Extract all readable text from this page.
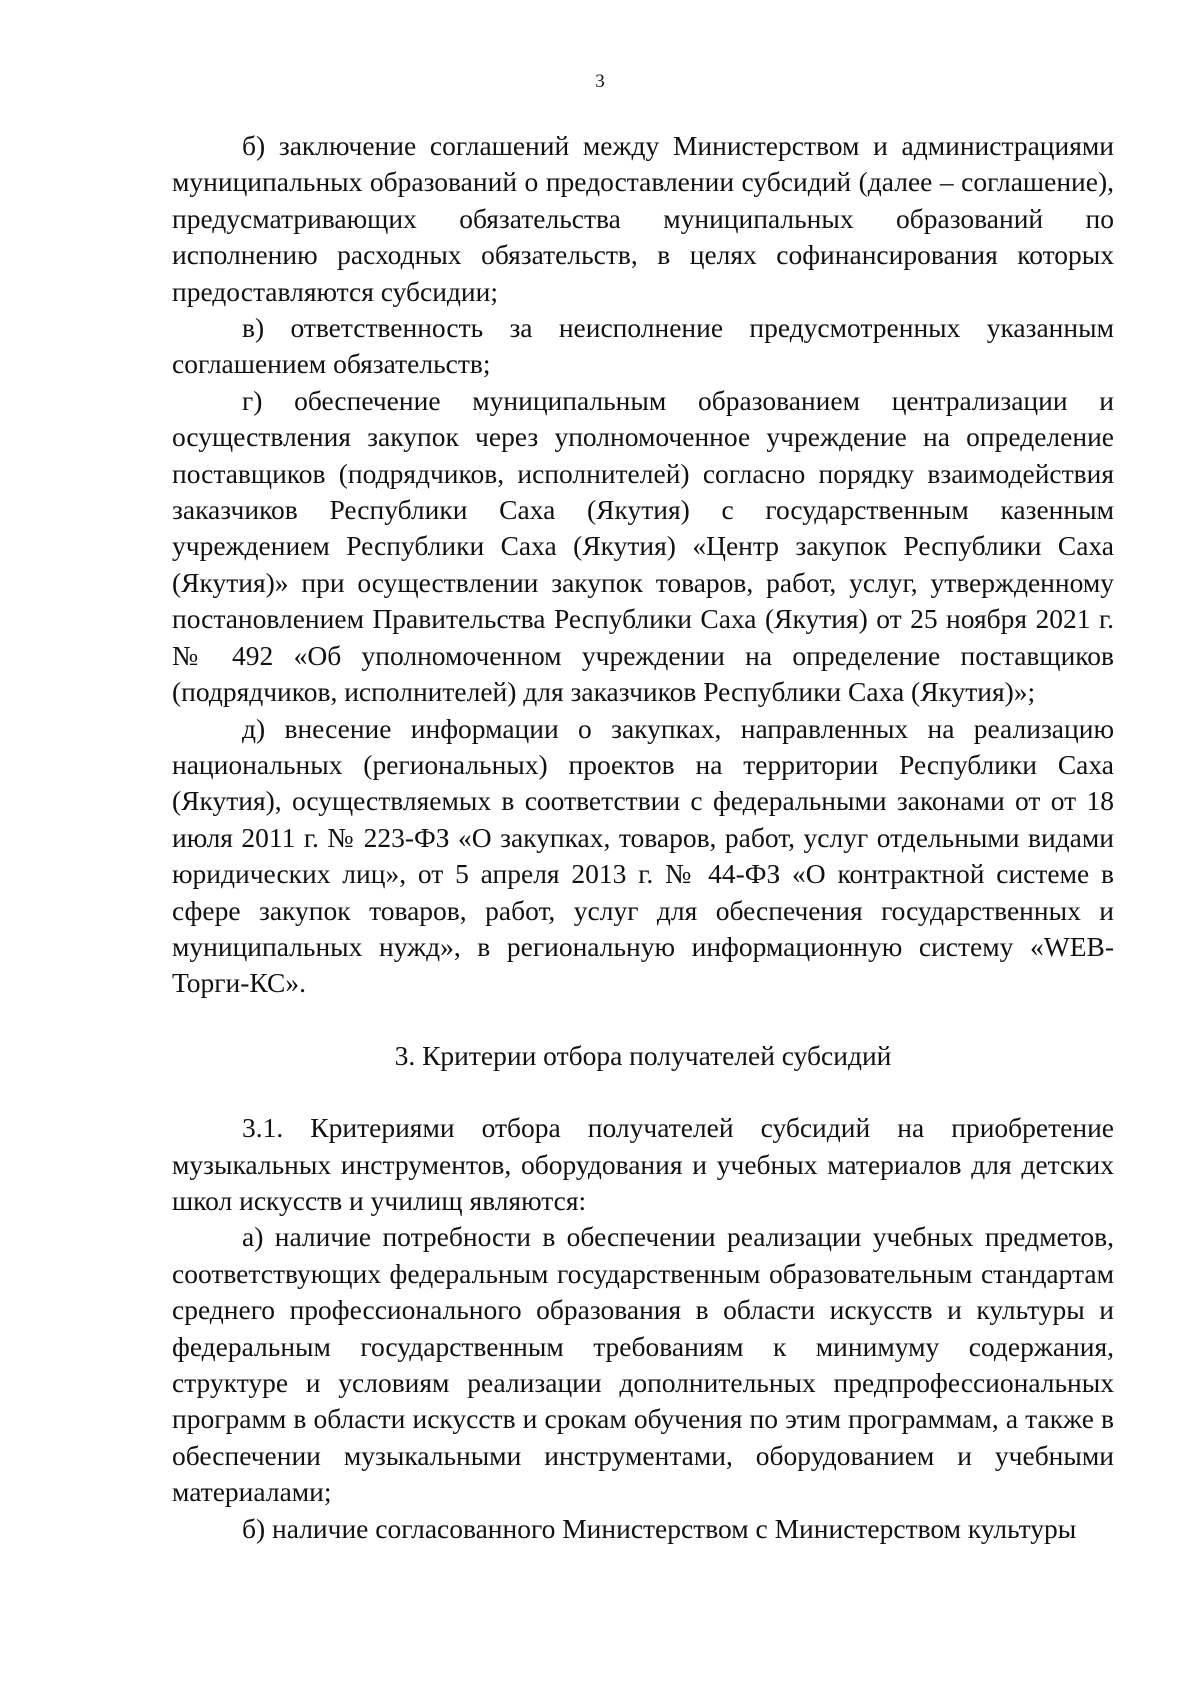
3

б) заключение соглашений между Министерством и администрациями муниципальных образований о предоставлении субсидий (далее – соглашение), предусматривающих обязательства муниципальных образований по исполнению расходных обязательств, в целях софинансирования которых предоставляются субсидии;

в) ответственность за неисполнение предусмотренных указанным соглашением обязательств;

г) обеспечение муниципальным образованием централизации и осуществления закупок через уполномоченное учреждение на определение поставщиков (подрядчиков, исполнителей) согласно порядку взаимодействия заказчиков Республики Саха (Якутия) с государственным казенным учреждением Республики Саха (Якутия) «Центр закупок Республики Саха (Якутия)» при осуществлении закупок товаров, работ, услуг, утвержденному постановлением Правительства Республики Саха (Якутия) от 25 ноября 2021 г. № 492 «Об уполномоченном учреждении на определение поставщиков (подрядчиков, исполнителей) для заказчиков Республики Саха (Якутия)»;

д) внесение информации о закупках, направленных на реализацию национальных (региональных) проектов на территории Республики Саха (Якутия), осуществляемых в соответствии с федеральными законами от от 18 июля 2011 г. № 223-ФЗ «О закупках, товаров, работ, услуг отдельными видами юридических лиц», от 5 апреля 2013 г. № 44-ФЗ «О контрактной системе в сфере закупок товаров, работ, услуг для обеспечения государственных и муниципальных нужд», в региональную информационную систему «WEB-Торги-КС».

3. Критерии отбора получателей субсидий

3.1. Критериями отбора получателей субсидий на приобретение музыкальных инструментов, оборудования и учебных материалов для детских школ искусств и училищ являются:

а) наличие потребности в обеспечении реализации учебных предметов, соответствующих федеральным государственным образовательным стандартам среднего профессионального образования в области искусств и культуры и федеральным государственным требованиям к минимуму содержания, структуре и условиям реализации дополнительных предпрофессиональных программ в области искусств и срокам обучения по этим программам, а также в обеспечении музыкальными инструментами, оборудованием и учебными материалами;

б) наличие согласованного Министерством с Министерством культуры
